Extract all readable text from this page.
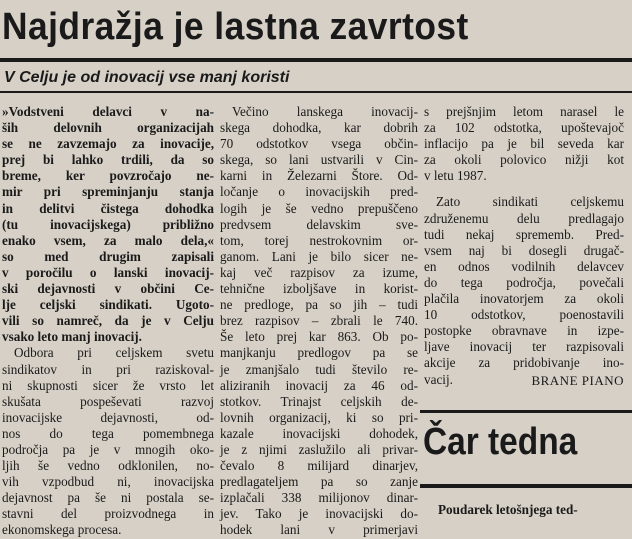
Najdražja je lastna zavrtost
V Celju je od inovacij vse manj koristi
»Vodstveni delavci v na-
ših delovnih organizacijah
se ne zavzemajo za inovacije,
prej bi lahko trdili, da so
breme, ker povzročajo ne-
mir pri spreminjanju stanja
in delitvi čistega dohodka
(tu inovacijskega) približno
enako vsem, za malo dela,«
so med drugim zapisali
v poročilu o lanski inovacij-
ski dejavnosti v občini Ce-
lje celjski sindikati. Ugoto-
vili so namreč, da je v Celju
vsako leto manj inovacij.
Odbora pri celjskem svetu
sindikatov in pri raziskoval-
ni skupnosti sicer že vrsto let
skušata pospeševati razvoj
inovacijske dejavnosti, od-
nos do tega pomembnega
področja pa je v mnogih oko-
ljih še vedno odklonilen, no-
vih vzpodbud ni, inovacijska
dejavnost pa še ni postala se-
stavni del proizvodnega in
ekonomskega procesa.
Večino lanskega inovacij-
skega dohodka, kar dobrih
70 odstotkov vsega občin-
skega, so lani ustvarili v Cin-
karni in Železarni Štore. Od-
ločanje o inovacijskih pred-
logih je še vedno prepuščeno
predvsem delavskim sve-
tom, torej nestrokovnim or-
ganom. Lani je bilo sicer ne-
kaj več razpisov za izume,
tehnične izboljšave in korist-
ne predloge, pa so jih – tudi
brez razpisov – zbrali le 740.
Še leto prej kar 863. Ob po-
manjkanju predlogov pa se
je zmanjšalo tudi število re-
aliziranih inovacij za 46 od-
stotkov. Trinajst celjskih de-
lovnih organizacij, ki so pri-
kazale inovacijski dohodek,
je z njimi zaslužilo ali privar-
čevalo 8 milijard dinarjev,
predlagateljem pa so zanje
izplačali 338 milijonov dinar-
jev. Tako je inovacijski do-
hodek lani v primerjavi
s prejšnjim letom narasel le
za 102 odstotka, upoštevajoč
inflacijo pa je bil seveda kar
za okoli polovico nižji kot
v letu 1987.
Zato sindikati celjskemu
združenemu delu predlagajo
tudi nekaj sprememb. Pred-
vsem naj bi dosegli drugač-
en odnos vodilnih delavcev
do tega področja, povečali
plačila inovatorjem za okoli
10 odstotkov, poenostavili
postopke obravnave in izpe-
ljave inovacij ter razpisovali
akcije za pridobivanje ino-
vacij.	BRANE PIANO
Čar tedna
Poudarek letošnjega ted-
